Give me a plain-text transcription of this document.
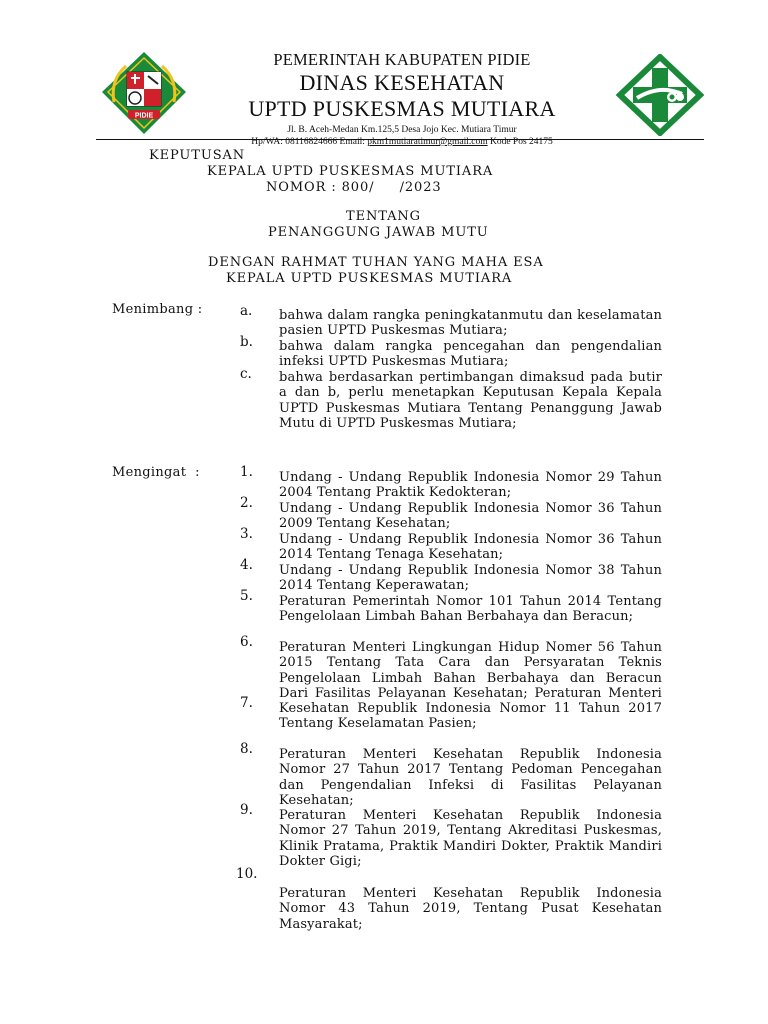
PIDIE
PEMERINTAH KABUPATEN PIDIE
DINAS KESEHATAN
UPTD PUSKESMAS MUTIARA
Jl. B. Aceh-Medan Km.125,5 Desa Jojo Kec. Mutiara Timur
Hp/WA: 08116824666 Email: pkm1mutiaratimur@gmail.com Kode Pos 24175
KEPUTUSAN
KEPALA UPTD PUSKESMAS MUTIARA
NOMOR : 800/     /2023
TENTANG
PENANGGUNG JAWAB MUTU
DENGAN RAHMAT TUHAN YANG MAHA ESA
KEPALA UPTD PUSKESMAS MUTIARA
Menimbang :	a.
b.
c.
bahwa dalam rangka peningkatanmutu dan keselamatan pasien UPTD Puskesmas Mutiara;
bahwa dalam rangka pencegahan dan pengendalian infeksi UPTD Puskesmas Mutiara;
bahwa berdasarkan pertimbangan dimaksud pada butir a dan b, perlu menetapkan Keputusan Kepala Kepala UPTD Puskesmas Mutiara Tentang Penanggung Jawab Mutu di UPTD Puskesmas Mutiara;
Mengingat  :	1.
2.
3.
4.
5.
6.
7.
8.
9.
10.
Undang - Undang Republik Indonesia Nomor 29 Tahun 2004 Tentang Praktik Kedokteran;
Undang - Undang Republik Indonesia Nomor 36 Tahun 2009 Tentang Kesehatan;
Undang - Undang Republik Indonesia Nomor 36 Tahun 2014 Tentang Tenaga Kesehatan;
Undang - Undang Republik Indonesia Nomor 38 Tahun 2014 Tentang Keperawatan;
Peraturan Pemerintah Nomor 101 Tahun 2014 Tentang Pengelolaan Limbah Bahan Berbahaya dan Beracun;
Peraturan Menteri Lingkungan Hidup Nomer 56 Tahun 2015 Tentang Tata Cara dan Persyaratan Teknis Pengelolaan Limbah Bahan Berbahaya dan Beracun Dari Fasilitas Pelayanan Kesehatan; Peraturan Menteri Kesehatan Republik Indonesia Nomor 11 Tahun 2017 Tentang Keselamatan Pasien;
Peraturan Menteri Kesehatan Republik Indonesia Nomor 27 Tahun 2017 Tentang Pedoman Pencegahan dan Pengendalian Infeksi di Fasilitas Pelayanan Kesehatan;
Peraturan Menteri Kesehatan Republik Indonesia Nomor 27 Tahun 2019, Tentang Akreditasi Puskesmas, Klinik Pratama, Praktik Mandiri Dokter, Praktik Mandiri Dokter Gigi;
Peraturan Menteri Kesehatan Republik Indonesia Nomor 43 Tahun 2019, Tentang Pusat Kesehatan Masyarakat;
